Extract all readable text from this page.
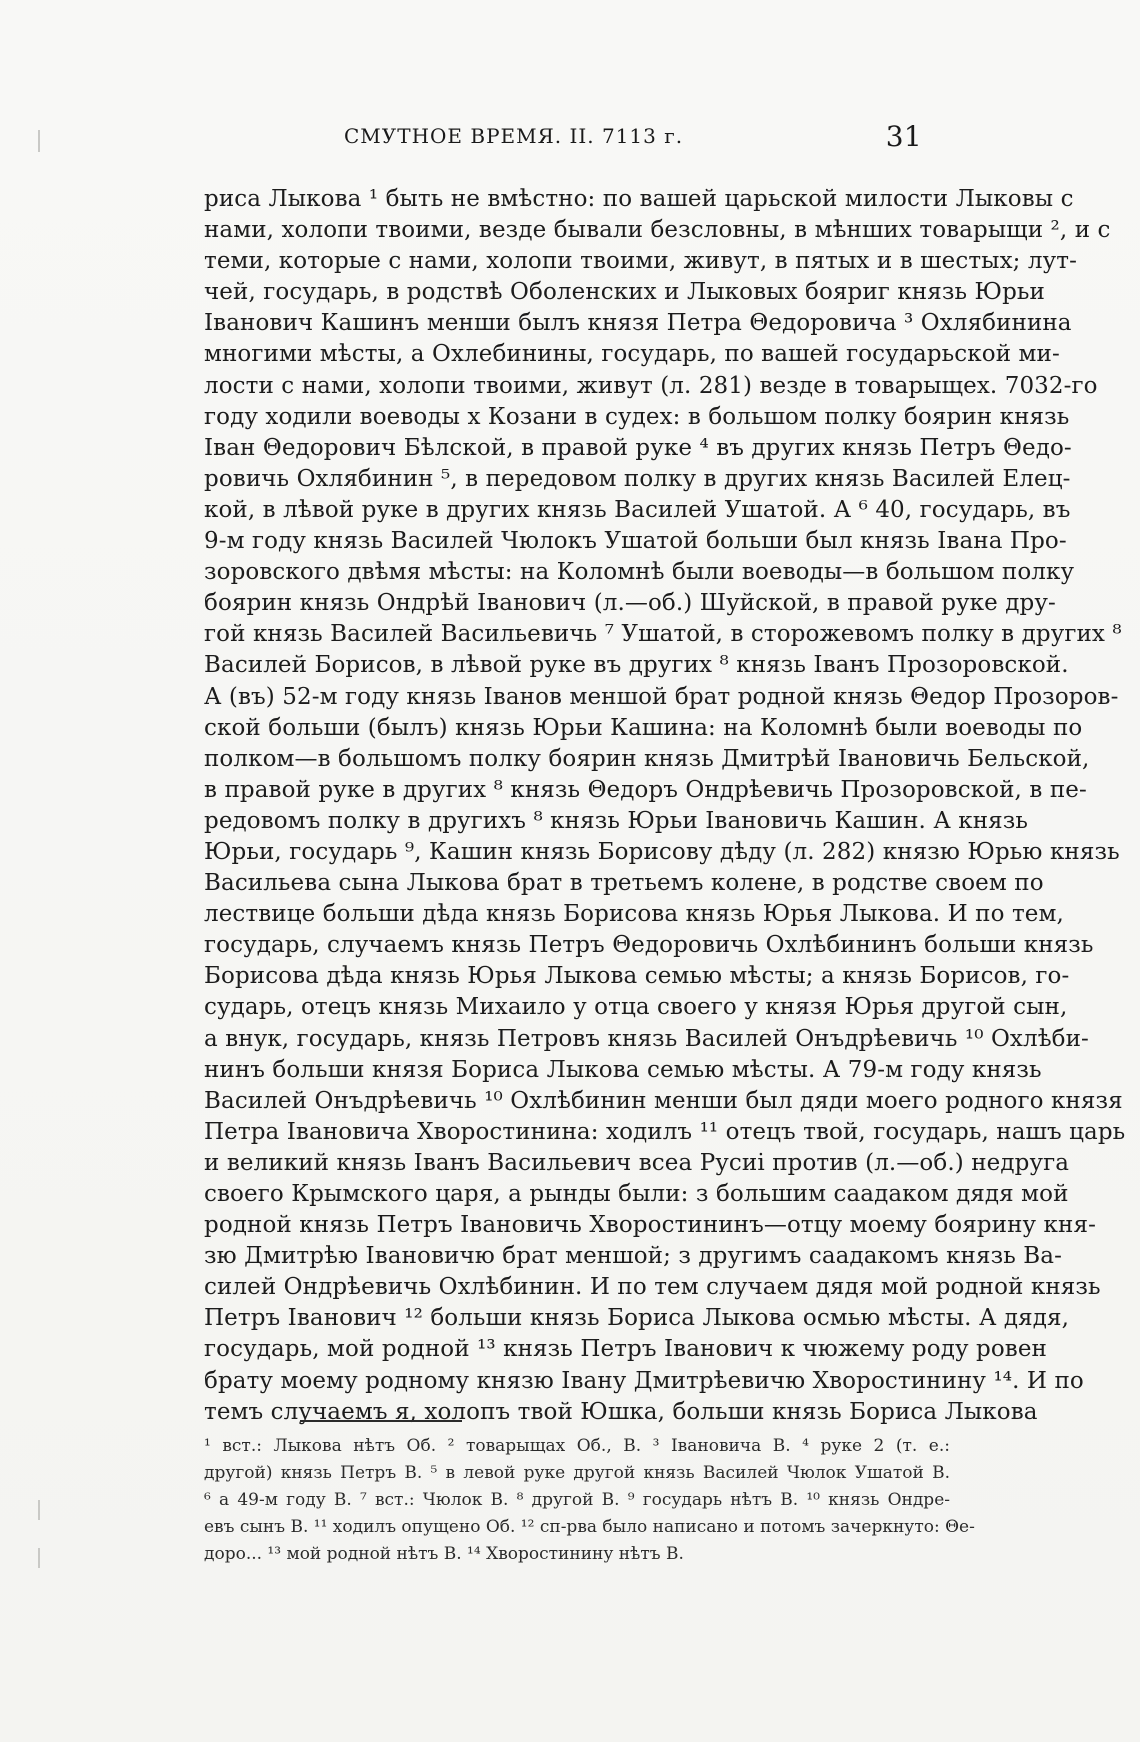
СМУТНОЕ ВРЕМЯ. II. 7113 г.	31
риса Лыкова ¹ быть не вмѣстно: по вашей царьской милости Лыковы с
нами, холопи твоими, везде бывали безсловны, в мѣнших товарыщи ², и с
теми, которые с нами, холопи твоими, живут, в пятых и в шестых; лут-
чей, государь, в родствѣ Оболенских и Лыковых бояриг князь Юрьи
Іванович Кашинъ менши былъ князя Петра Θедоровича ³ Охлябинина
многими мѣсты, а Охлебинины, государь, по вашей государьской ми-
лости с нами, холопи твоими, живут (л. 281) везде в товарыщех. 7032-го
году ходили воеводы х Козани в судех: в большом полку боярин князь
Іван Θедорович Бѣлской, в правой руке ⁴ въ других князь Петръ Θедо-
ровичь Охлябинин ⁵, в передовом полку в других князь Василей Елец-
кой, в лѣвой руке в других князь Василей Ушатой. А ⁶ 40, государь, въ
9-м году князь Василей Чюлокъ Ушатой больши был князь Івана Про-
зоровского двѣмя мѣсты: на Коломнѣ были воеводы—в большом полку
боярин князь Ондрѣй Іванович (л.—об.) Шуйской, в правой руке дру-
гой князь Василей Васильевичь ⁷ Ушатой, в сторожевомъ полку в других ⁸
Василей Борисов, в лѣвой руке въ других ⁸ князь Іванъ Прозоровской.
А (въ) 52-м году князь Іванов меншой брат родной князь Θедор Прозоров-
ской больши (былъ) князь Юрьи Кашина: на Коломнѣ были воеводы по
полком—в большомъ полку боярин князь Дмитрѣй Івановичь Бельской,
в правой руке в других ⁸ князь Θедоръ Ондрѣевичь Прозоровской, в пе-
редовомъ полку в другихъ ⁸ князь Юрьи Івановичь Кашин. А князь
Юрьи, государь ⁹, Кашин князь Борисову дѣду (л. 282) князю Юрью князь
Васильева сына Лыкова брат в третьемъ колене, в родстве своем по
лествице больши дѣда князь Борисова князь Юрья Лыкова. И по тем,
государь, случаемъ князь Петръ Θедоровичь Охлѣбининъ больши князь
Борисова дѣда князь Юрья Лыкова семью мѣсты; а князь Борисов, го-
сударь, отецъ князь Михаило у отца своего у князя Юрья другой сын,
а внук, государь, князь Петровъ князь Василей Онъдрѣевичь ¹⁰ Охлѣби-
нинъ больши князя Бориса Лыкова семью мѣсты. А 79-м году князь
Василей Онъдрѣевичь ¹⁰ Охлѣбинин менши был дяди моего родного князя
Петра Івановича Хворостинина: ходилъ ¹¹ отецъ твой, государь, нашъ царь
и великий князь Іванъ Васильевич всеа Русиі против (л.—об.) недруга
своего Крымского царя, а рынды были: з большим саадаком дядя мой
родной князь Петръ Івановичь Хворостининъ—отцу моему боярину кня-
зю Дмитрѣю Івановичю брат меншой; з другимъ саадакомъ князь Ва-
силей Ондрѣевичь Охлѣбинин. И по тем случаем дядя мой родной князь
Петръ Іванович ¹² больши князь Бориса Лыкова осмью мѣсты. А дядя,
государь, мой родной ¹³ князь Петръ Іванович к чюжему роду ровен
брату моему родному князю Івану Дмитрѣевичю Хворостинину ¹⁴. И по
темъ случаемъ я, холопъ твой Юшка, больши князь Бориса Лыкова
¹ вст.: Лыкова нѣтъ Об. ² товарыщах Об., В. ³ Івановича В. ⁴ руке 2 (т. е.:
другой) князь Петръ В. ⁵ в левой руке другой князь Василей Чюлок Ушатой В.
⁶ а 49-м году В. ⁷ вст.: Чюлок В. ⁸ другой В. ⁹ государь нѣтъ В. ¹⁰ князь Ондре-
евъ сынъ В. ¹¹ ходилъ опущено Об. ¹² сп-рва было написано и потомъ зачеркнуто: Θе-
доро... ¹³ мой родной нѣтъ В. ¹⁴ Хворостинину нѣтъ В.
